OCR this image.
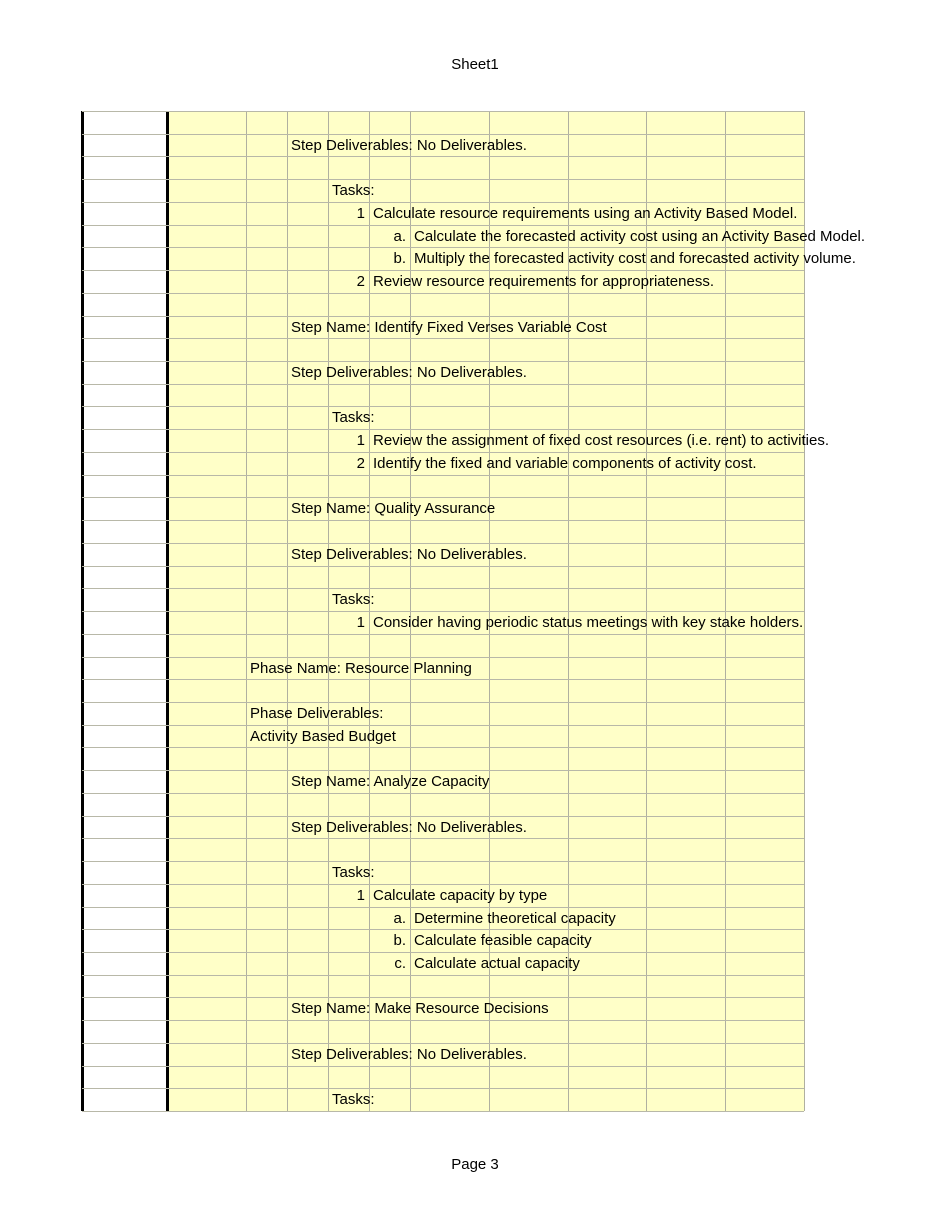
Sheet1
Step Deliverables: No Deliverables.
Tasks:
1 Calculate resource requirements using an Activity Based Model.
a. Calculate the forecasted activity cost using an Activity Based Model.
b. Multiply the forecasted activity cost and forecasted activity volume.
2 Review resource requirements for appropriateness.
Step Name: Identify Fixed Verses Variable Cost
Step Deliverables: No Deliverables.
Tasks:
1 Review the assignment of fixed cost resources (i.e. rent) to activities.
2 Identify the fixed and variable components of activity cost.
Step Name: Quality Assurance
Step Deliverables: No Deliverables.
Tasks:
1 Consider having periodic status meetings with key stake holders.
Phase Name: Resource Planning
Phase Deliverables:
Activity Based Budget
Step Name: Analyze Capacity
Step Deliverables: No Deliverables.
Tasks:
1 Calculate capacity by type
a. Determine theoretical capacity
b. Calculate feasible capacity
c. Calculate actual capacity
Step Name: Make Resource Decisions
Step Deliverables: No Deliverables.
Tasks:
Page 3
